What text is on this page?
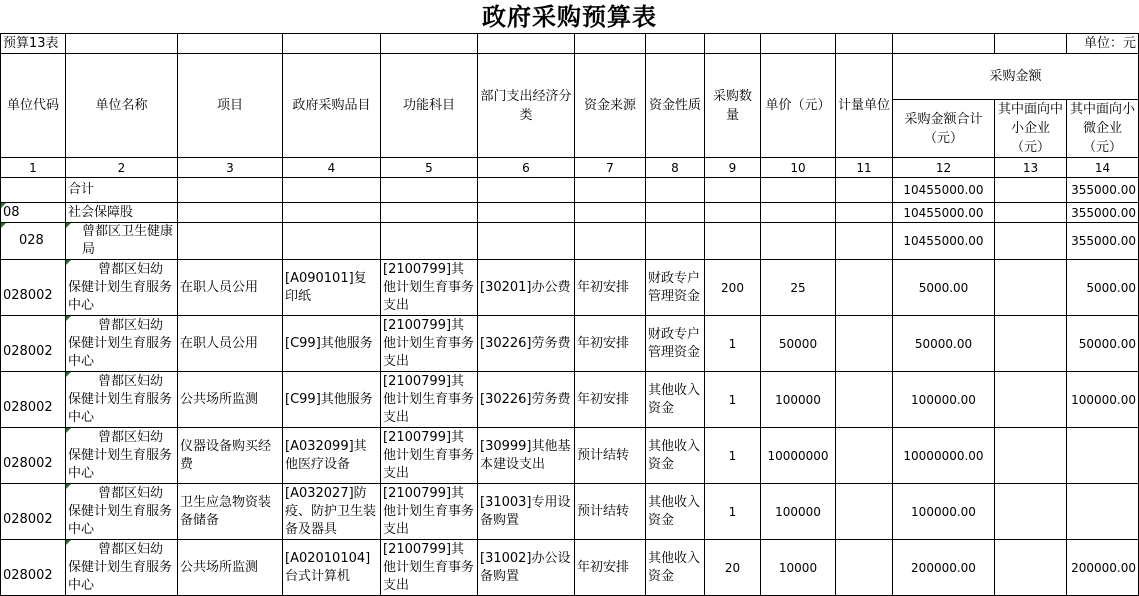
政府采购预算表
预算13表													单位：元
单位代码	单位名称	项目	政府采购品目	功能科目	部门支出经济分类	资金来源	资金性质	采购数量	单价（元）	计量单位	采购金额		
											采购金额合计（元）	其中面向中小企业（元）	其中面向小微企业（元）
1	2	3	4	5	6	7	8	9	10	11	12	13	14
	合计										10455000.00		355000.00
08	社会保障股										10455000.00		355000.00
028	曾都区卫生健康局										10455000.00		355000.00
028002	曾都区妇幼保健计划生育服务中心	在职人员公用	[A090101]复印纸	[2100799]其他计划生育事务支出	[30201]办公费	年初安排	财政专户管理资金	200	25		5000.00		5000.00
028002	曾都区妇幼保健计划生育服务中心	在职人员公用	[C99]其他服务	[2100799]其他计划生育事务支出	[30226]劳务费	年初安排	财政专户管理资金	1	50000		50000.00		50000.00
028002	曾都区妇幼保健计划生育服务中心	公共场所监测	[C99]其他服务	[2100799]其他计划生育事务支出	[30226]劳务费	年初安排	其他收入资金	1	100000		100000.00		100000.00
028002	曾都区妇幼保健计划生育服务中心	仪器设备购买经费	[A032099]其他医疗设备	[2100799]其他计划生育事务支出	[30999]其他基本建设支出	预计结转	其他收入资金	1	10000000		10000000.00		
028002	曾都区妇幼保健计划生育服务中心	卫生应急物资装备储备	[A032027]防疫、防护卫生装备及器具	[2100799]其他计划生育事务支出	[31003]专用设备购置	预计结转	其他收入资金	1	100000		100000.00		
028002	曾都区妇幼保健计划生育服务中心	公共场所监测	[A02010104]台式计算机	[2100799]其他计划生育事务支出	[31002]办公设备购置	年初安排	其他收入资金	20	10000		200000.00		200000.00
